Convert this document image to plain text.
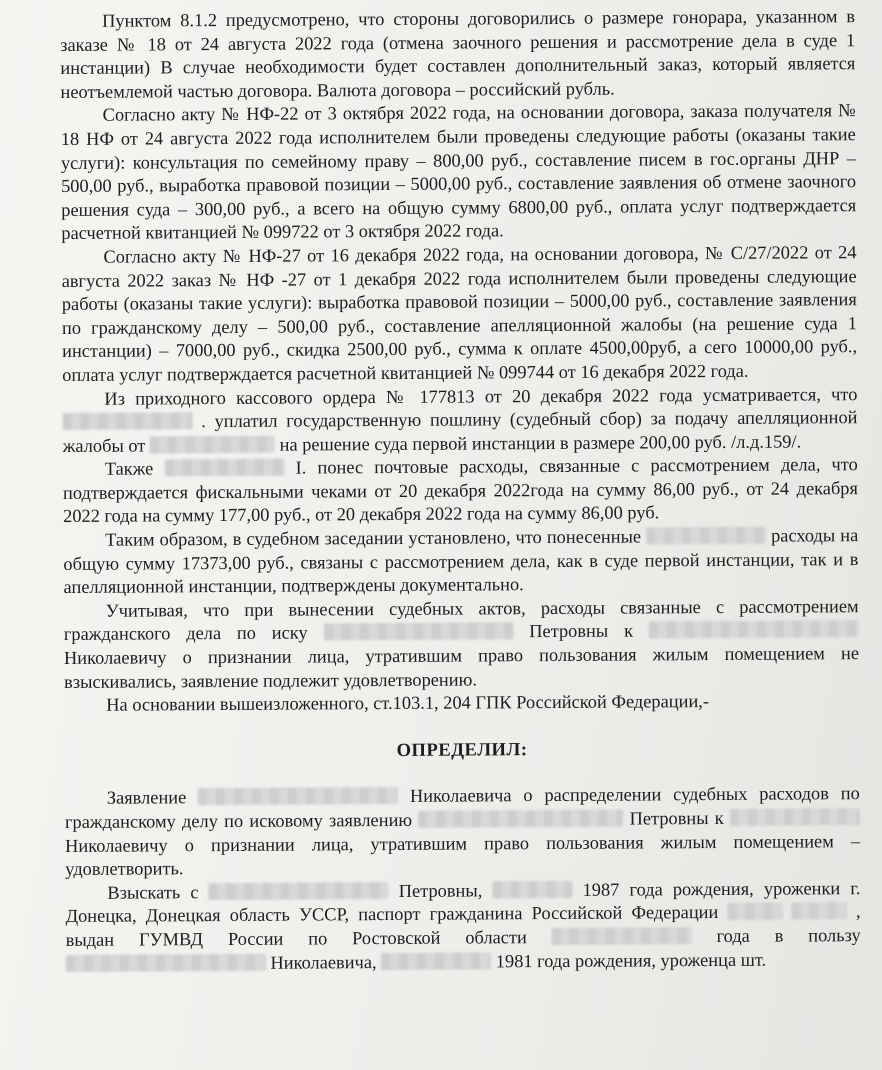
Пунктом 8.1.2 предусмотрено, что стороны договорились о размере гонорара, указанном в заказе № 18 от 24 августа 2022 года (отмена заочного решения и рассмотрение дела в суде 1 инстанции) В случае необходимости будет составлен дополнительный заказ, который является неотъемлемой частью договора. Валюта договора – российский рубль.

Согласно акту № НФ-22 от 3 октября 2022 года, на основании договора, заказа получателя № 18 НФ от 24 августа 2022 года исполнителем были проведены следующие работы (оказаны такие услуги): консультация по семейному праву – 800,00 руб., составление писем в гос.органы ДНР – 500,00 руб., выработка правовой позиции – 5000,00 руб., составление заявления об отмене заочного решения суда – 300,00 руб., а всего на общую сумму 6800,00 руб., оплата услуг подтверждается расчетной квитанцией № 099722 от 3 октября 2022 года.

Согласно акту № НФ-27 от 16 декабря 2022 года, на основании договора, № С/27/2022 от 24 августа 2022 заказ № НФ -27 от 1 декабря 2022 года исполнителем были проведены следующие работы (оказаны такие услуги): выработка правовой позиции – 5000,00 руб., составление заявления по гражданскому делу – 500,00 руб., составление апелляционной жалобы (на решение суда 1 инстанции) – 7000,00 руб., скидка 2500,00 руб., сумма к оплате 4500,00руб, а сего 10000,00 руб., оплата услуг подтверждается расчетной квитанцией № 099744 от 16 декабря 2022 года.

Из приходного кассового ордера № 177813 от 20 декабря 2022 года усматривается, что  . уплатил государственную пошлину (судебный сбор) за подачу апелляционной жалобы от	на решение суда первой инстанции в размере 200,00 руб. /л.д.159/.

Также	I. понес почтовые расходы, связанные с рассмотрением дела, что подтверждается фискальными чеками от 20 декабря 2022года на сумму 86,00 руб., от 24 декабря 2022 года на сумму 177,00 руб., от 20 декабря 2022 года на сумму 86,00 руб.

Таким образом, в судебном заседании установлено, что понесенные	расходы на общую сумму 17373,00 руб., связаны с рассмотрением дела, как в суде первой инстанции, так и в апелляционной инстанции, подтверждены документально.

Учитывая, что при вынесении судебных актов, расходы связанные с рассмотрением гражданского дела по иску	Петровны к  Николаевичу о признании лица, утратившим право пользования жилым помещением не взыскивались, заявление подлежит удовлетворению.

На основании вышеизложенного, ст.103.1, 204 ГПК Российской Федерации,-

ОПРЕДЕЛИЛ:

Заявление	Николаевича о распределении судебных расходов по гражданскому делу по исковому заявлению	Петровны к  Николаевичу о признании лица, утратившим право пользования жилым помещением – удовлетворить.

Взыскать с	Петровны,	1987 года рождения, уроженки г. Донецка, Донецкая область УССР, паспорт гражданина Российской Федерации	, выдан ГУМВД России по Ростовской области	года в пользу  Николаевича,	1981 года рождения, уроженца шт.
